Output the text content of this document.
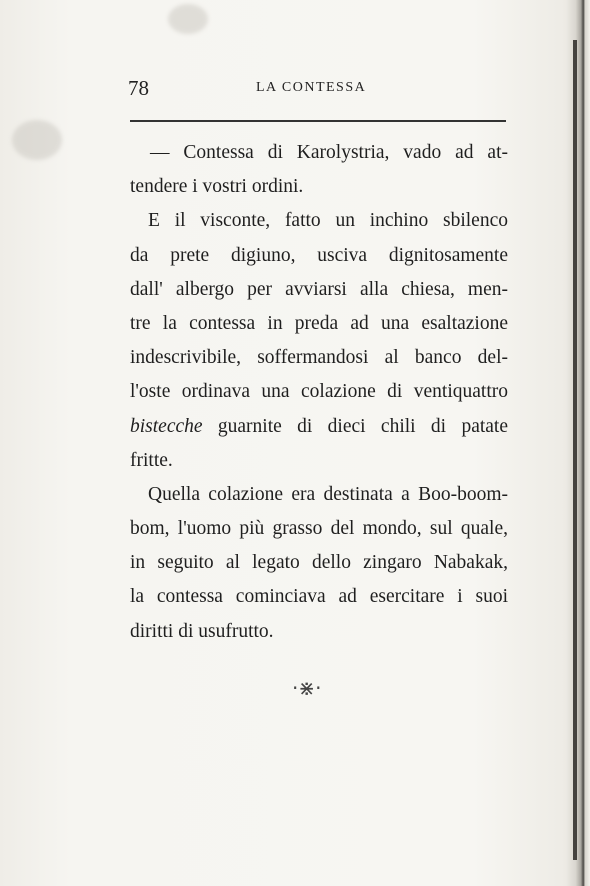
78	LA CONTESSA
— Contessa di Karolystria, vado ad at-
tendere i vostri ordini.
E il visconte, fatto un inchino sbilenco
da prete digiuno, usciva dignitosamente
dall' albergo per avviarsi alla chiesa, men-
tre la contessa in preda ad una esaltazione
indescrivibile, soffermandosi al banco del-
l'oste ordinava una colazione di ventiquattro
bistecche guarnite di dieci chili di patate
fritte.
Quella colazione era destinata a Boo-boom-
bom, l'uomo più grasso del mondo, sul quale,
in seguito al legato dello zingaro Nabakak,
la contessa cominciava ad esercitare i suoi
diritti di usufrutto.
·⋇·
